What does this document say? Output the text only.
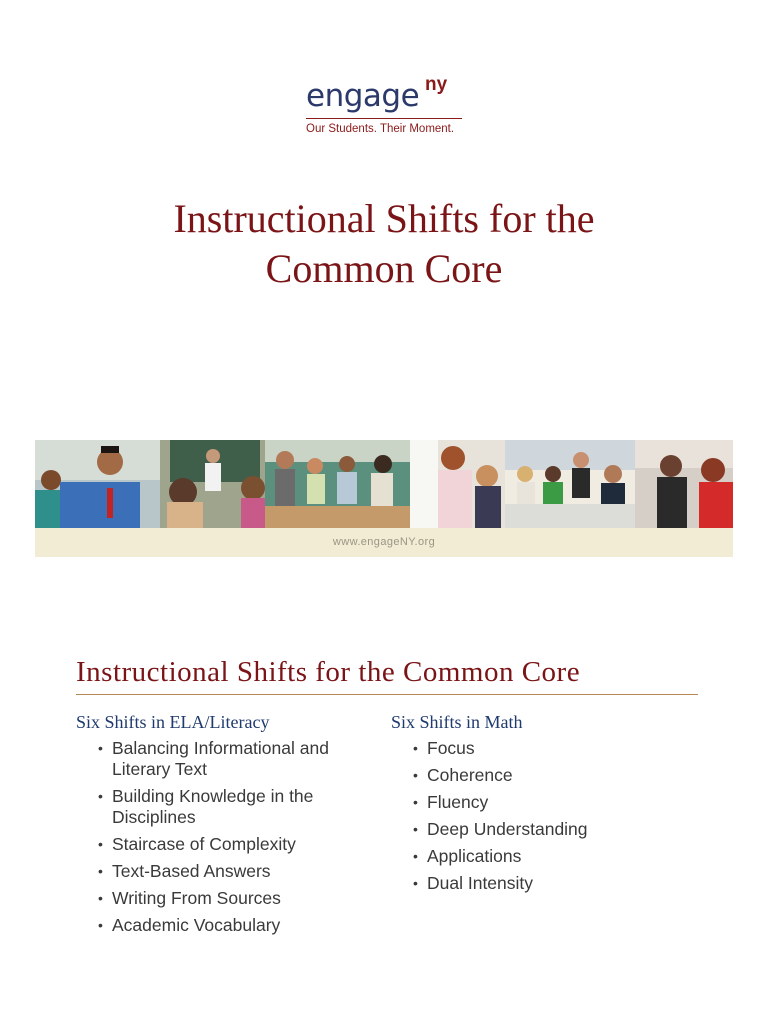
engage ny
Our Students. Their Moment.
Instructional Shifts for the
Common Core
www.engageNY.org
Instructional Shifts for the Common Core
Six Shifts in ELA/Literacy
• Balancing Informational and Literary Text
• Building Knowledge in the Disciplines
• Staircase of Complexity
• Text-Based Answers
• Writing From Sources
• Academic Vocabulary
Six Shifts in Math
• Focus
• Coherence
• Fluency
• Deep Understanding
• Applications
• Dual Intensity
